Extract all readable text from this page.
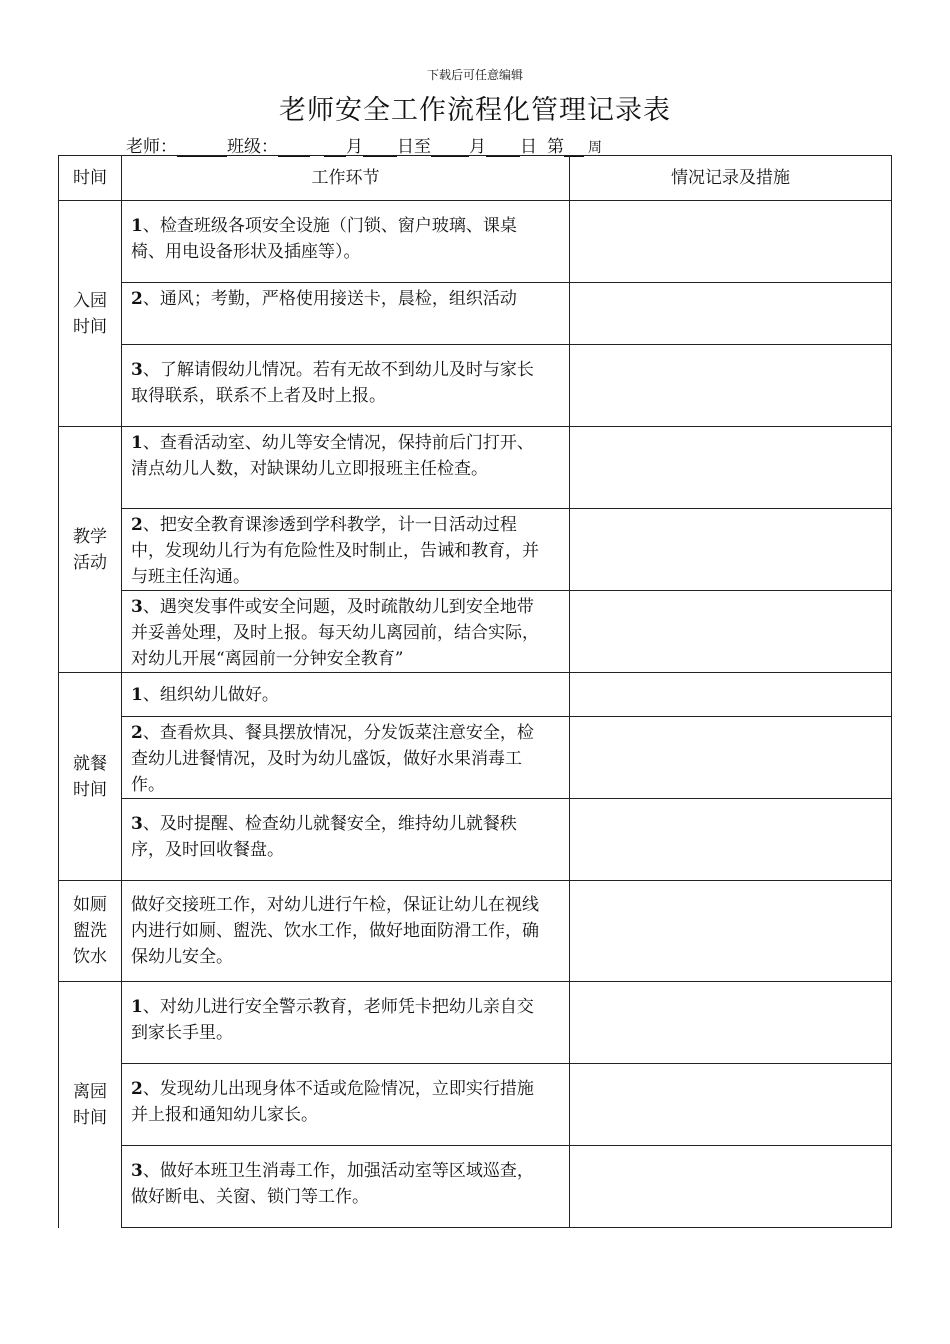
下载后可任意编辑
老师安全工作流程化管理记录表
老师：	班级：	月 日至 月 日 第 周
时间	工作环节	情况记录及措施
入园时间	1、检查班级各项安全设施（门锁、窗户玻璃、课桌椅、用电设备形状及插座等）。	
	2、通风；考勤，严格使用接送卡，晨检，组织活动	
	3、了解请假幼儿情况。若有无故不到幼儿及时与家长取得联系，联系不上者及时上报。	
教学活动	1、查看活动室、幼儿等安全情况，保持前后门打开、清点幼儿人数，对缺课幼儿立即报班主任检查。	
	2、把安全教育课渗透到学科教学，计一日活动过程中，发现幼儿行为有危险性及时制止，告诫和教育，并与班主任沟通。	
	3、遇突发事件或安全问题，及时疏散幼儿到安全地带并妥善处理，及时上报。每天幼儿离园前，结合实际，对幼儿开展“离园前一分钟安全教育”	
就餐时间	1、组织幼儿做好。	
	2、查看炊具、餐具摆放情况，分发饭菜注意安全，检查幼儿进餐情况，及时为幼儿盛饭，做好水果消毒工作。	
	3、及时提醒、检查幼儿就餐安全，维持幼儿就餐秩序，及时回收餐盘。	
如厕盥洗饮水	做好交接班工作，对幼儿进行午检，保证让幼儿在视线内进行如厕、盥洗、饮水工作，做好地面防滑工作，确保幼儿安全。	
离园时间	1、对幼儿进行安全警示教育，老师凭卡把幼儿亲自交到家长手里。	
	2、发现幼儿出现身体不适或危险情况，立即实行措施并上报和通知幼儿家长。	
	3、做好本班卫生消毒工作，加强活动室等区域巡查，做好断电、关窗、锁门等工作。	
